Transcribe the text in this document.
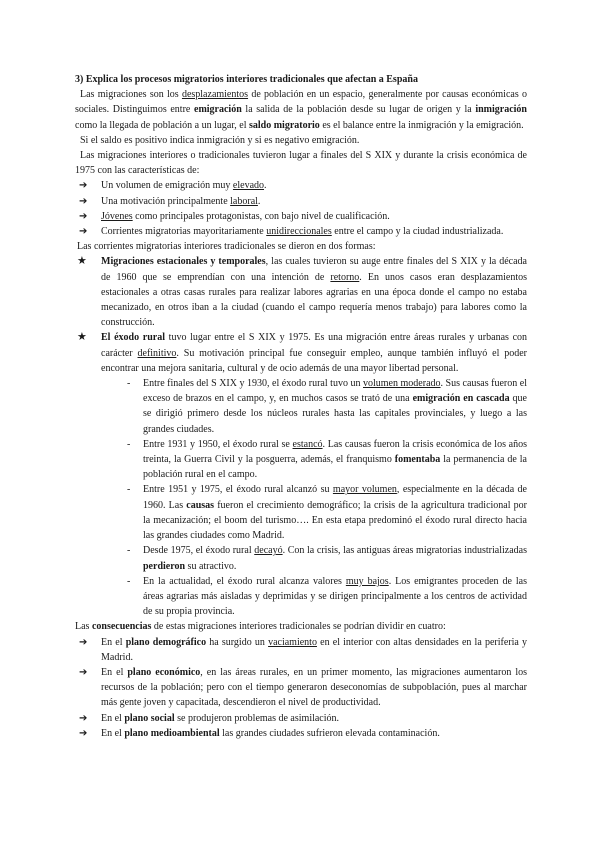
3) Explica los procesos migratorios interiores tradicionales que afectan a España

Las migraciones son los desplazamientos de población en un espacio, generalmente por causas económicas o sociales. Distinguimos entre emigración la salida de la población desde su lugar de origen y la inmigración como la llegada de población a un lugar, el saldo migratorio es el balance entre la inmigración y la emigración.

Si el saldo es positivo indica inmigración y si es negativo emigración.

Las migraciones interiores o tradicionales tuvieron lugar a finales del S XIX y durante la crisis económica de 1975 con las características de:

➔ Un volumen de emigración muy elevado.
➔ Una motivación principalmente laboral.
➔ Jóvenes como principales protagonistas, con bajo nivel de cualificación.
➔ Corrientes migratorias mayoritariamente unidireccionales entre el campo y la ciudad industrializada.

Las corrientes migratorias interiores tradicionales se dieron en dos formas:

★ Migraciones estacionales y temporales, las cuales tuvieron su auge entre finales del S XIX y la década de 1960 que se emprendían con una intención de retorno. En unos casos eran desplazamientos estacionales a otras casas rurales para realizar labores agrarias en una época donde el campo no estaba mecanizado, en otros iban a la ciudad (cuando el campo requería menos trabajo) para labores como la construcción.
★ El éxodo rural tuvo lugar entre el S XIX y 1975. Es una migración entre áreas rurales y urbanas con carácter definitivo. Su motivación principal fue conseguir empleo, aunque también influyó el poder encontrar una mejora sanitaria, cultural y de ocio además de una mayor libertad personal.
- Entre finales del S XIX y 1930, el éxodo rural tuvo un volumen moderado. Sus causas fueron el exceso de brazos en el campo, y, en muchos casos se trató de una emigración en cascada que se dirigió primero desde los núcleos rurales hasta las capitales provinciales, y luego a las grandes ciudades.
- Entre 1931 y 1950, el éxodo rural se estancó. Las causas fueron la crisis económica de los años treinta, la Guerra Civil y la posguerra, además, el franquismo fomentaba la permanencia de la población rural en el campo.
- Entre 1951 y 1975, el éxodo rural alcanzó su mayor volumen, especialmente en la década de 1960. Las causas fueron el crecimiento demográfico; la crisis de la agricultura tradicional por la mecanización; el boom del turismo…. En esta etapa predominó el éxodo rural directo hacia las grandes ciudades como Madrid.
- Desde 1975, el éxodo rural decayó. Con la crisis, las antiguas áreas migratorias industrializadas perdieron su atractivo.
- En la actualidad, el éxodo rural alcanza valores muy bajos. Los emigrantes proceden de las áreas agrarias más aisladas y deprimidas y se dirigen principalmente a los centros de actividad de su propia provincia.

Las consecuencias de estas migraciones interiores tradicionales se podrían dividir en cuatro:

➔ En el plano demográfico ha surgido un vaciamiento en el interior con altas densidades en la periferia y Madrid.
➔ En el plano económico, en las áreas rurales, en un primer momento, las migraciones aumentaron los recursos de la población; pero con el tiempo generaron deseconomías de subpoblación, pues al marchar más gente joven y capacitada, descendieron el nivel de productividad.
➔ En el plano social se produjeron problemas de asimilación.
➔ En el plano medioambiental las grandes ciudades sufrieron elevada contaminación.
